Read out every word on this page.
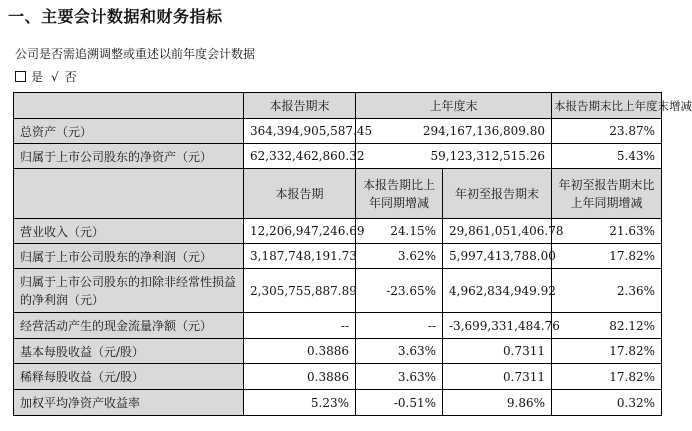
一、主要会计数据和财务指标
公司是否需追溯调整或重述以前年度会计数据
是 √ 否
	本报告期末	上年度末		本报告期末比上年度末增减
总资产（元）	364,394,905,587.45	294,167,136,809.80		23.87%
归属于上市公司股东的净资产（元）	62,332,462,860.32	59,123,312,515.26		5.43%
	本报告期	本报告期比上年同期增减	年初至报告期末	年初至报告期末比上年同期增减
营业收入（元）	12,206,947,246.69	24.15%	29,861,051,406.78	21.63%
归属于上市公司股东的净利润（元）	3,187,748,191.73	3.62%	5,997,413,788.00	17.82%
归属于上市公司股东的扣除非经常性损益的净利润（元）	2,305,755,887.89	-23.65%	4,962,834,949.92	2.36%
经营活动产生的现金流量净额（元）	--	--	-3,699,331,484.76	82.12%
基本每股收益（元/股）	0.3886	3.63%	0.7311	17.82%
稀释每股收益（元/股）	0.3886	3.63%	0.7311	17.82%
加权平均净资产收益率	5.23%	-0.51%	9.86%	0.32%
